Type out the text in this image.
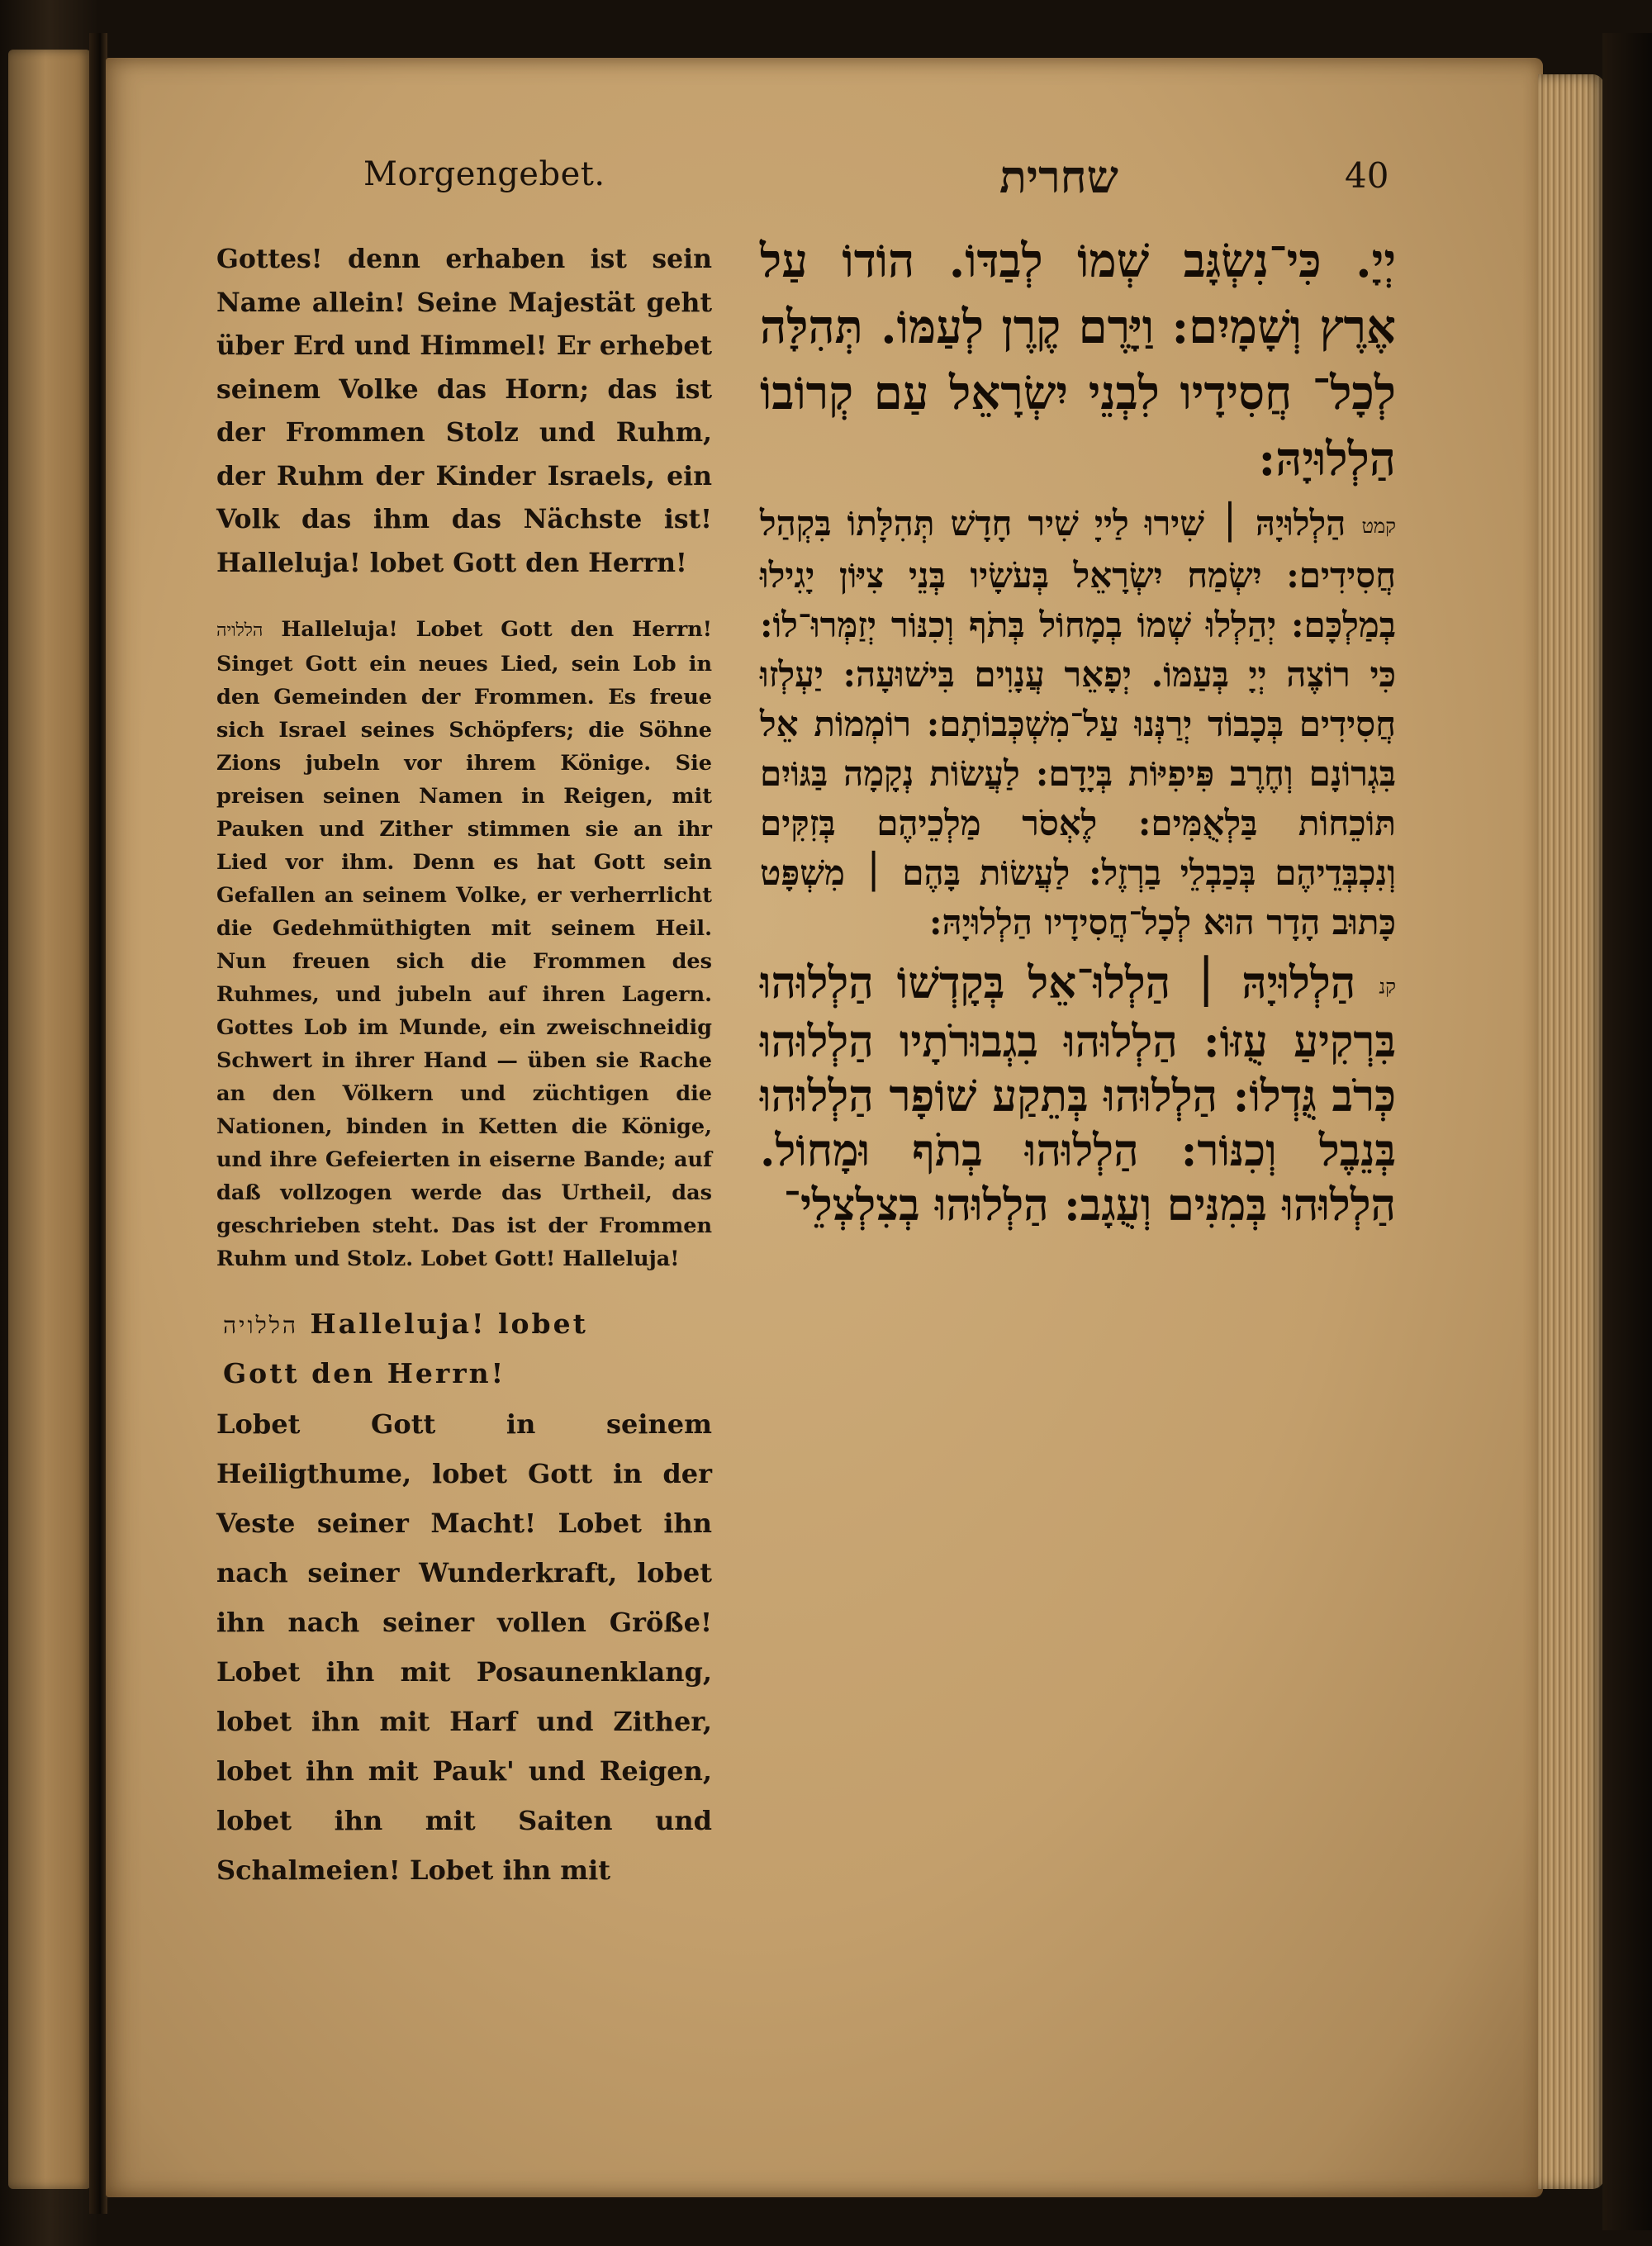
Morgengebet.	שחרית	40

Gottes! denn erhaben ist sein Name allein! Seine Majestät geht über Erd und Himmel! Er erhebet seinem Volke das Horn; das ist der Frommen Stolz und Ruhm, der Ruhm der Kinder Israels, ein Volk das ihm das Nächste ist! Halleluja! lobet Gott den Herrn!

הללויה Halleluja! Lobet Gott den Herrn! Singet Gott ein neues Lied, sein Lob in den Gemeinden der Frommen. Es freue sich Israel seines Schöpfers; die Söhne Zions jubeln vor ihrem Könige. Sie preisen seinen Namen in Reigen, mit Pauken und Zither stimmen sie an ihr Lied vor ihm. Denn es hat Gott sein Gefallen an seinem Volke, er verherrlicht die Gedehmüthigten mit seinem Heil. Nun freuen sich die Frommen des Ruhmes, und jubeln auf ihren Lagern. Gottes Lob im Munde, ein zweischneidig Schwert in ihrer Hand — üben sie Rache an den Völkern und züchtigen die Nationen, binden in Ketten die Könige, und ihre Gefeierten in eiserne Bande; auf daß vollzogen werde das Urtheil, das geschrieben steht. Das ist der Frommen Ruhm und Stolz. Lobet Gott! Halleluja!

הללויה Halleluja! lobet
Gott den Herrn!

Lobet Gott in seinem Heiligthume, lobet Gott in der Veste seiner Macht! Lobet ihn nach seiner Wunderkraft, lobet ihn nach seiner vollen Größe! Lobet ihn mit Posaunenklang, lobet ihn mit Harf und Zither, lobet ihn mit Pauk' und Reigen, lobet ihn mit Saiten und Schalmeien! Lobet ihn mit

יְיָ. כִּי־נִשְׂגָּב שְׁמוֹ לְבַדּוֹ. הוֹדוֹ עַל אֶרֶץ וְשָׁמָיִם: וַיָּרֶם קֶרֶן לְעַמּוֹ. תְּהִלָּה לְכָל־ חֲסִידָיו לִבְנֵי יִשְׂרָאֵל עַם קְרוֹבוֹ הַלְלוּיָהּ:

קמט הַלְלוּיָהּ ׀ שִׁירוּ לַייָ שִׁיר חָדָשׁ תְּהִלָּתוֹ בִּקְהַל חֲסִידִים: יִשְׂמַח יִשְׂרָאֵל בְּעֹשָׂיו בְּנֵי צִיּוֹן יָגִילוּ בְמַלְכָּם: יְהַלְלוּ שְׁמוֹ בְמָחוֹל בְּתֹף וְכִנּוֹר יְזַמְּרוּ־לוֹ: כִּי רוֹצֶה יְיָ בְּעַמּוֹ. יְפָאֵר עֲנָוִים בִּישׁוּעָה: יַעְלְזוּ חֲסִידִים בְּכָבוֹד יְרַנְּנוּ עַל־מִשְׁכְּבוֹתָם: רוֹמְמוֹת אֵל בִּגְרוֹנָם וְחֶרֶב פִּיפִיּוֹת בְּיָדָם: לַעֲשׂוֹת נְקָמָה בַּגּוֹיִם תּוֹכֵחוֹת בַּלְאֻמִּים: לֶאְסֹר מַלְכֵיהֶם בְּזִקִּים וְנִכְבְּדֵיהֶם בְּכַבְלֵי בַרְזֶל: לַעֲשׂוֹת בָּהֶם ׀ מִשְׁפָּט כָּתוּב הָדָר הוּא לְכָל־חֲסִידָיו הַלְלוּיָהּ:

קנ הַלְלוּיָהּ ׀ הַלְלוּ־אֵל בְּקָדְשׁוֹ הַלְלוּהוּ בִּרְקִיעַ עֻזּוֹ: הַלְלוּהוּ בִגְבוּרֹתָיו הַלְלוּהוּ כְּרֹב גֻּדְלוֹ: הַלְלוּהוּ בְּתֵקַע שׁוֹפָר הַלְלוּהוּ בְּנֵבֶל וְכִנּוֹר: הַלְלוּהוּ בְתֹף וּמָחוֹל. הַלְלוּהוּ בְּמִנִּים וְעֻגָב: הַלְלוּהוּ בְצִלְצְלֵי־
